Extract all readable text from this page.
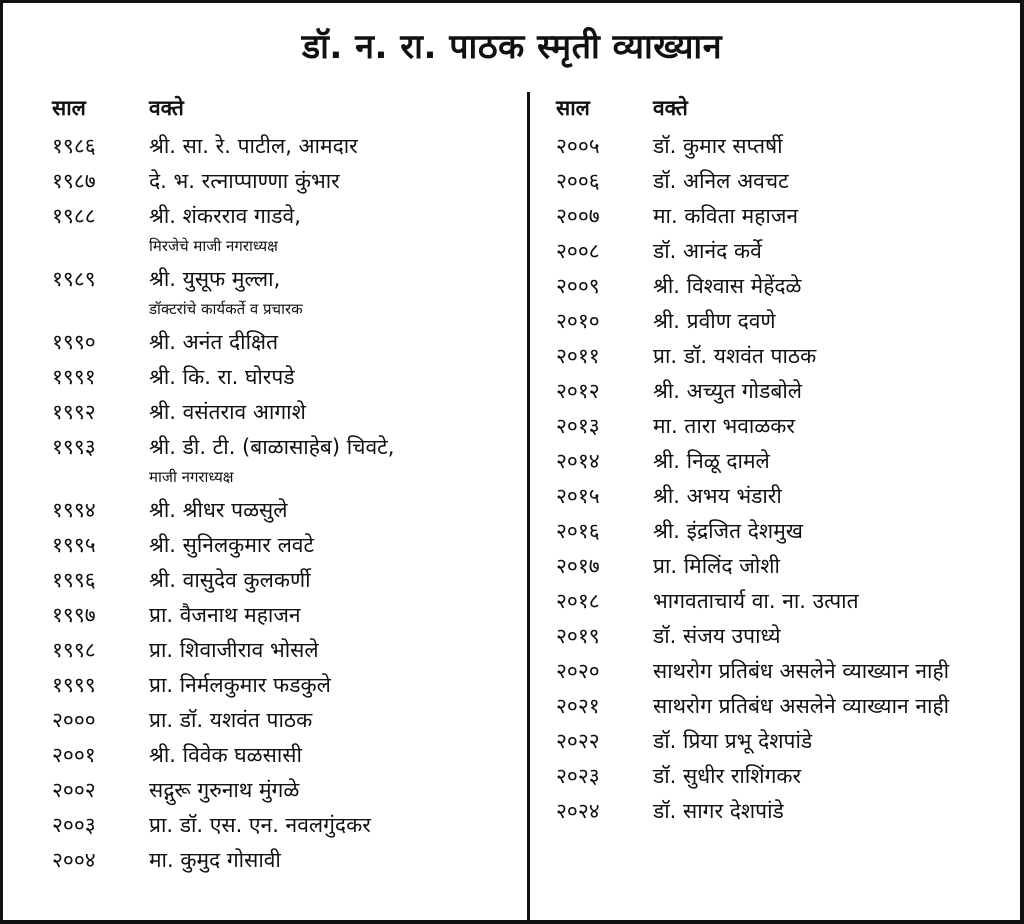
डॉ. न. रा. पाठक स्मृती व्याख्यान
साल	वक्ते
१९८६	श्री. सा. रे. पाटील, आमदार
१९८७	दे. भ. रत्नाप्पाण्णा कुंभार
१९८८	श्री. शंकरराव गाडवे,
मिरजेचे माजी नगराध्यक्ष
१९८९	श्री. युसूफ मुल्ला,
डॉक्टरांचे कार्यकर्ते व प्रचारक
१९९०	श्री. अनंत दीक्षित
१९९१	श्री. कि. रा. घोरपडे
१९९२	श्री. वसंतराव आगाशे
१९९३	श्री. डी. टी. (बाळासाहेब) चिवटे,
माजी नगराध्यक्ष
१९९४	श्री. श्रीधर पळसुले
१९९५	श्री. सुनिलकुमार लवटे
१९९६	श्री. वासुदेव कुलकर्णी
१९९७	प्रा. वैजनाथ महाजन
१९९८	प्रा. शिवाजीराव भोसले
१९९९	प्रा. निर्मलकुमार फडकुले
२०००	प्रा. डॉ. यशवंत पाठक
२००१	श्री. विवेक घळसासी
२००२	सद्गुरू गुरुनाथ मुंगळे
२००३	प्रा. डॉ. एस. एन. नवलगुंदकर
२००४	मा. कुमुद गोसावी
साल	वक्ते
२००५	डॉ. कुमार सप्तर्षी
२००६	डॉ. अनिल अवचट
२००७	मा. कविता महाजन
२००८	डॉ. आनंद कर्वे
२००९	श्री. विश्वास मेहेंदळे
२०१०	श्री. प्रवीण दवणे
२०११	प्रा. डॉ. यशवंत पाठक
२०१२	श्री. अच्युत गोडबोले
२०१३	मा. तारा भवाळकर
२०१४	श्री. निळू दामले
२०१५	श्री. अभय भंडारी
२०१६	श्री. इंद्रजित देशमुख
२०१७	प्रा. मिलिंद जोशी
२०१८	भागवताचार्य वा. ना. उत्पात
२०१९	डॉ. संजय उपाध्ये
२०२०	साथरोग प्रतिबंध असलेने व्याख्यान नाही
२०२१	साथरोग प्रतिबंध असलेने व्याख्यान नाही
२०२२	डॉ. प्रिया प्रभू देशपांडे
२०२३	डॉ. सुधीर राशिंगकर
२०२४	डॉ. सागर देशपांडे
